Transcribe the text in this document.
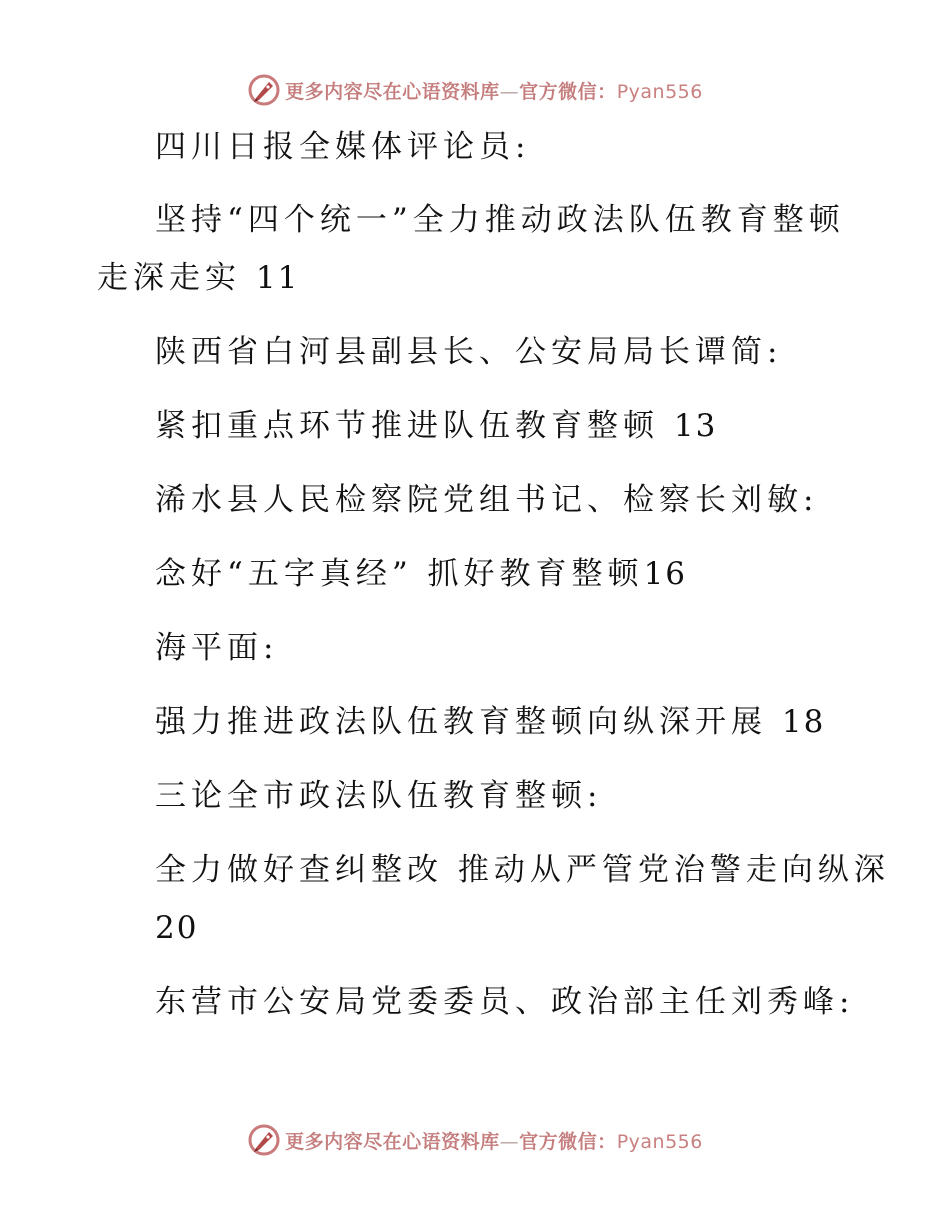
更多内容尽在心语资料库—官方微信：Pyan556
四川日报全媒体评论员:
坚持“四个统一”全力推动政法队伍教育整顿
走深走实 11
陕西省白河县副县长、公安局局长谭简:
紧扣重点环节推进队伍教育整顿 13
浠水县人民检察院党组书记、检察长刘敏:
念好“五字真经” 抓好教育整顿16
海平面:
强力推进政法队伍教育整顿向纵深开展 18
三论全市政法队伍教育整顿:
全力做好查纠整改 推动从严管党治警走向纵深
20
东营市公安局党委委员、政治部主任刘秀峰:
更多内容尽在心语资料库—官方微信：Pyan556
